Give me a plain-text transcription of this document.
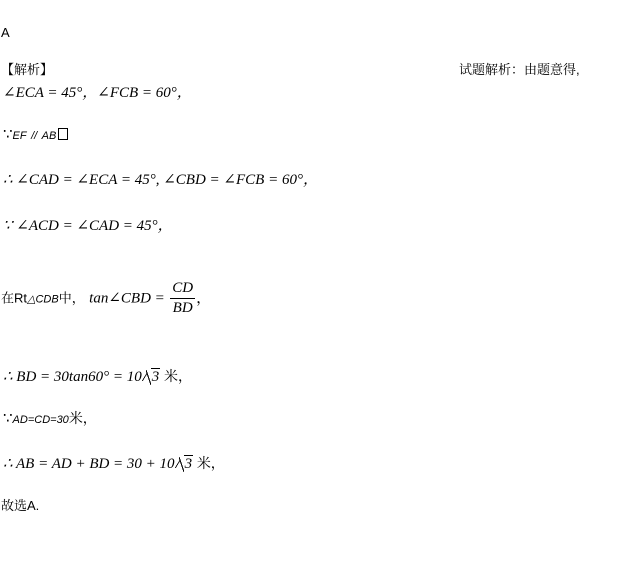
A
【解析】	试题解析：由题意得,
∠ECA = 45°，∠FCB = 60°，
∵EF // AB
∴ ∠CAD = ∠ECA = 45°, ∠CBD = ∠FCB = 60°，
∵ ∠ACD = ∠CAD = 45°，
在Rt△CDB中， tan∠CBD = $\frac{CD}{BD}$ ，
∴ BD = 30tan60° = 10 3 米，
∵AD=CD=30米，
∴ AB = AD + BD = 30 + 10 3 米，
故选A.
